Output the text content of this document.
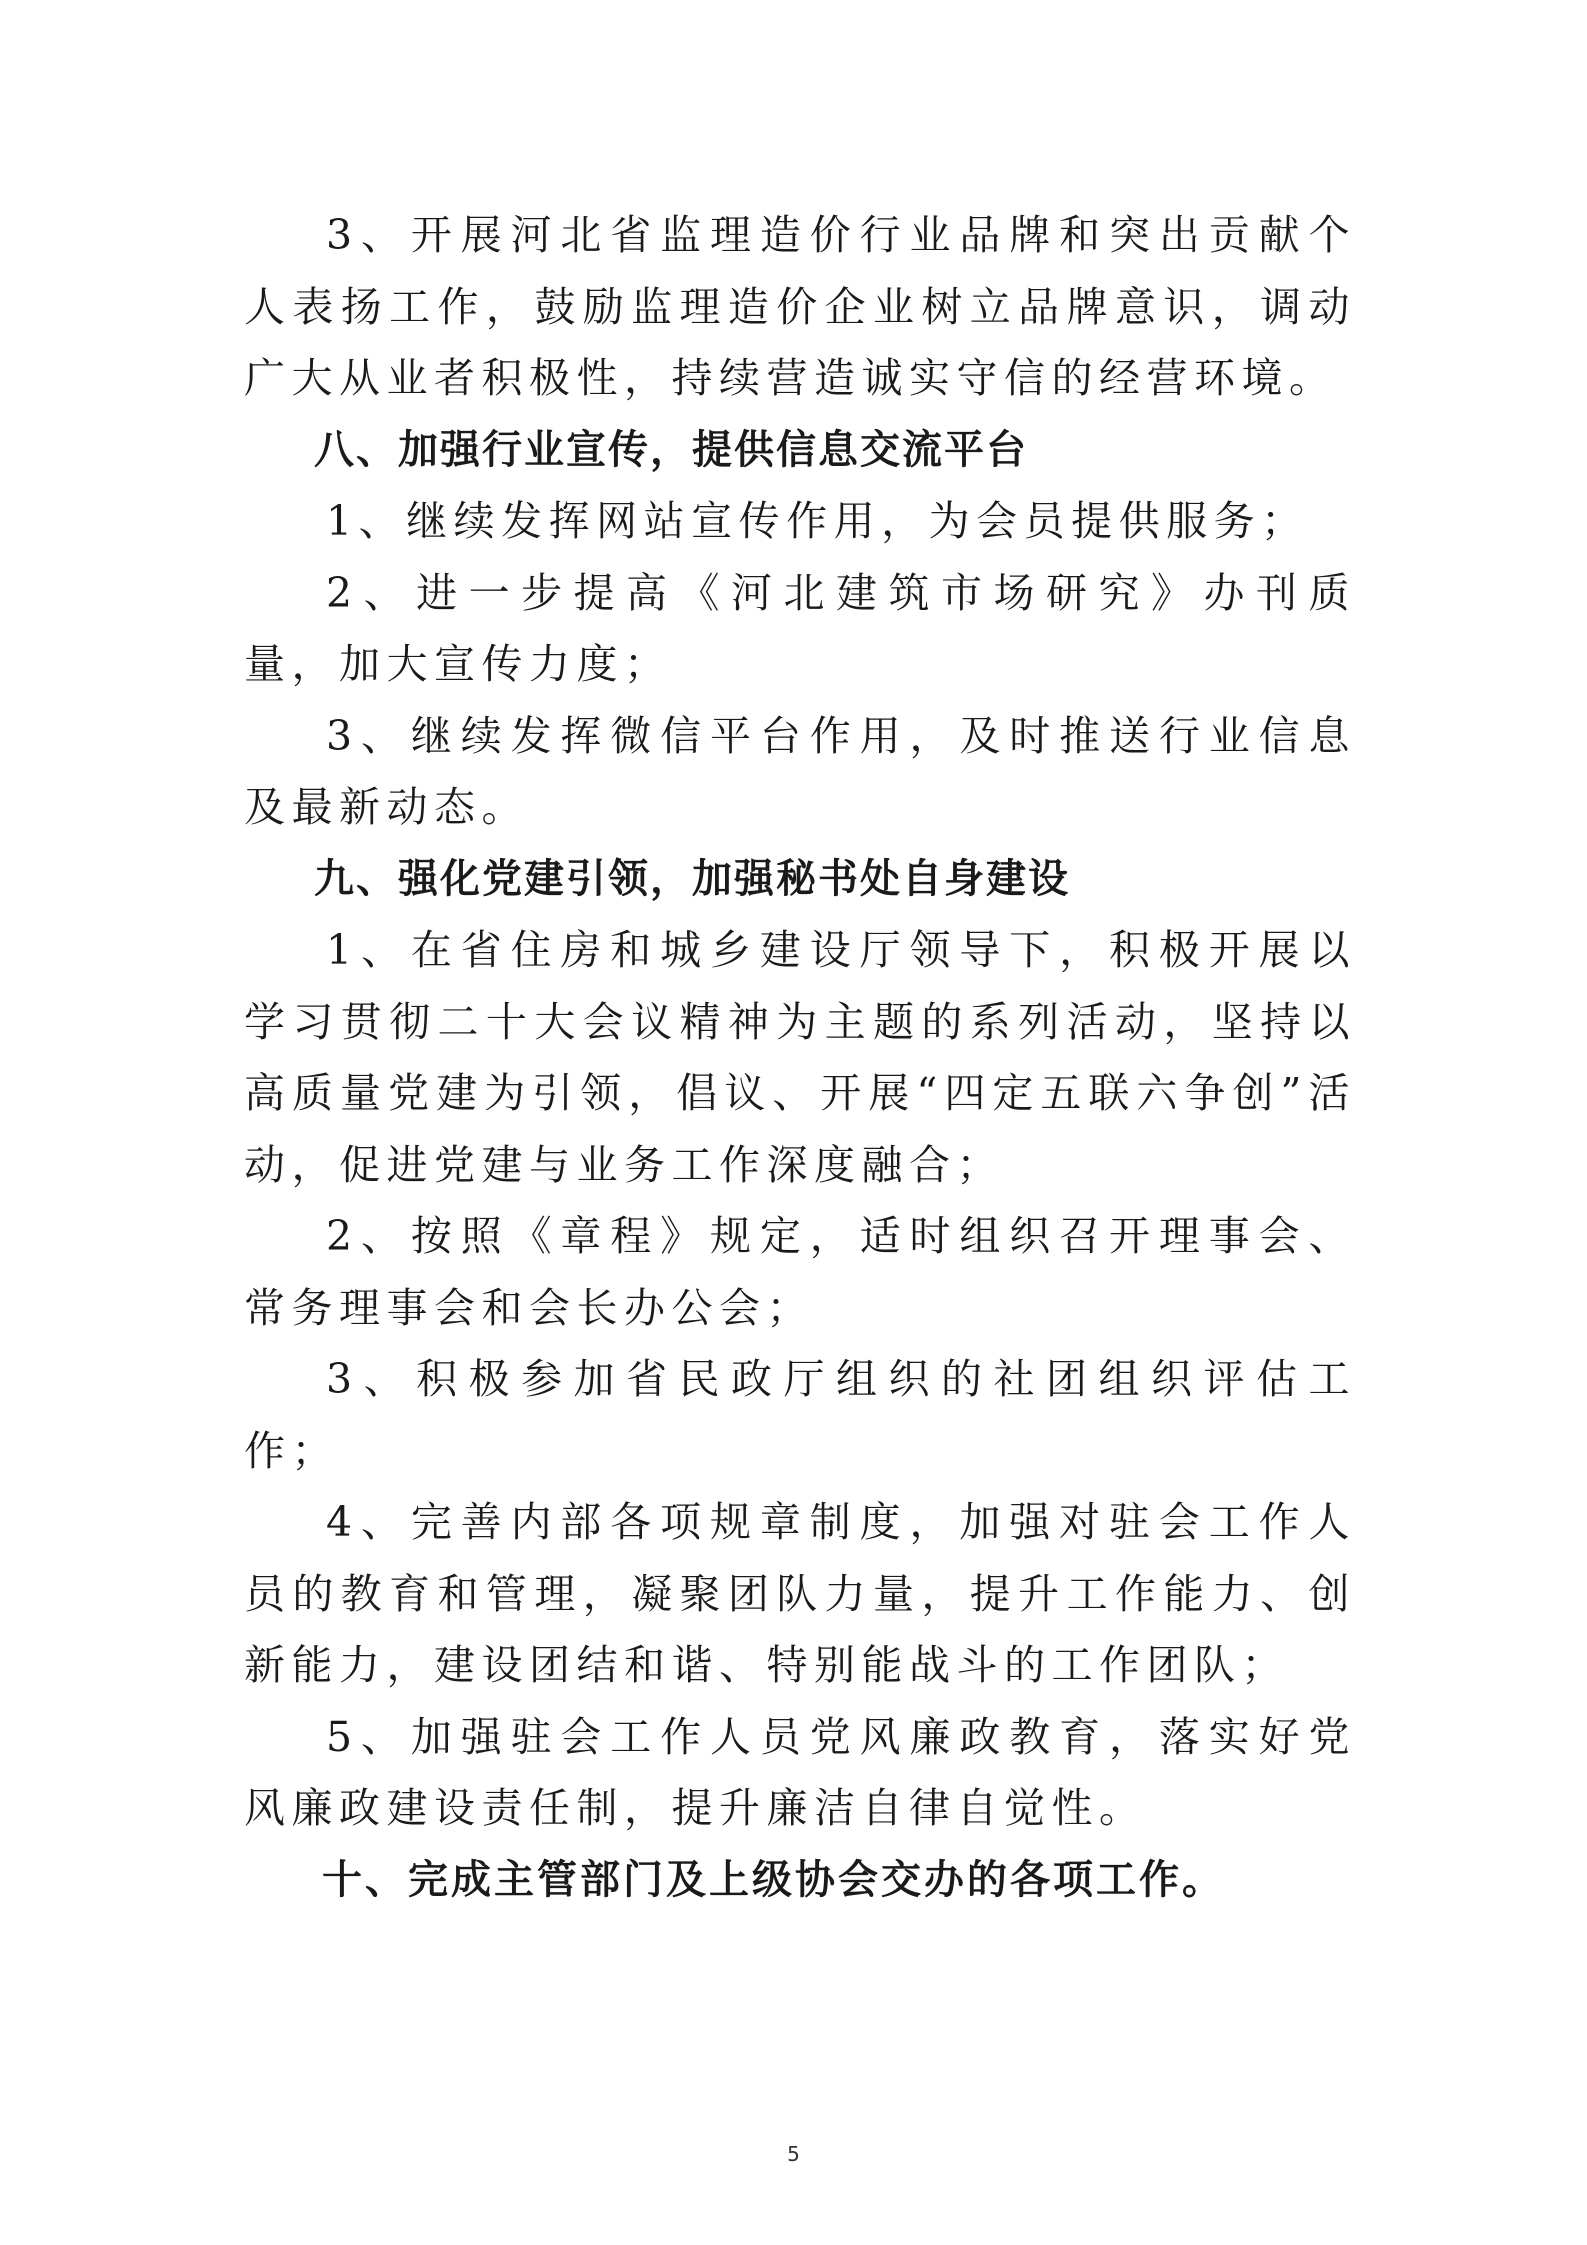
3、开展河北省监理造价行业品牌和突出贡献个人表扬工作，鼓励监理造价企业树立品牌意识，调动广大从业者积极性，持续营造诚实守信的经营环境。

八、加强行业宣传，提供信息交流平台

1、继续发挥网站宣传作用，为会员提供服务；

2、进一步提高《河北建筑市场研究》办刊质量，加大宣传力度；

3、继续发挥微信平台作用，及时推送行业信息及最新动态。

九、强化党建引领，加强秘书处自身建设

1、在省住房和城乡建设厅领导下，积极开展以学习贯彻二十大会议精神为主题的系列活动，坚持以高质量党建为引领，倡议、开展“四定五联六争创”活动，促进党建与业务工作深度融合；

2、按照《章程》规定，适时组织召开理事会、常务理事会和会长办公会；

3、积极参加省民政厅组织的社团组织评估工作；

4、完善内部各项规章制度，加强对驻会工作人员的教育和管理，凝聚团队力量，提升工作能力、创新能力，建设团结和谐、特别能战斗的工作团队；

5、加强驻会工作人员党风廉政教育，落实好党风廉政建设责任制，提升廉洁自律自觉性。

十、完成主管部门及上级协会交办的各项工作。

5
